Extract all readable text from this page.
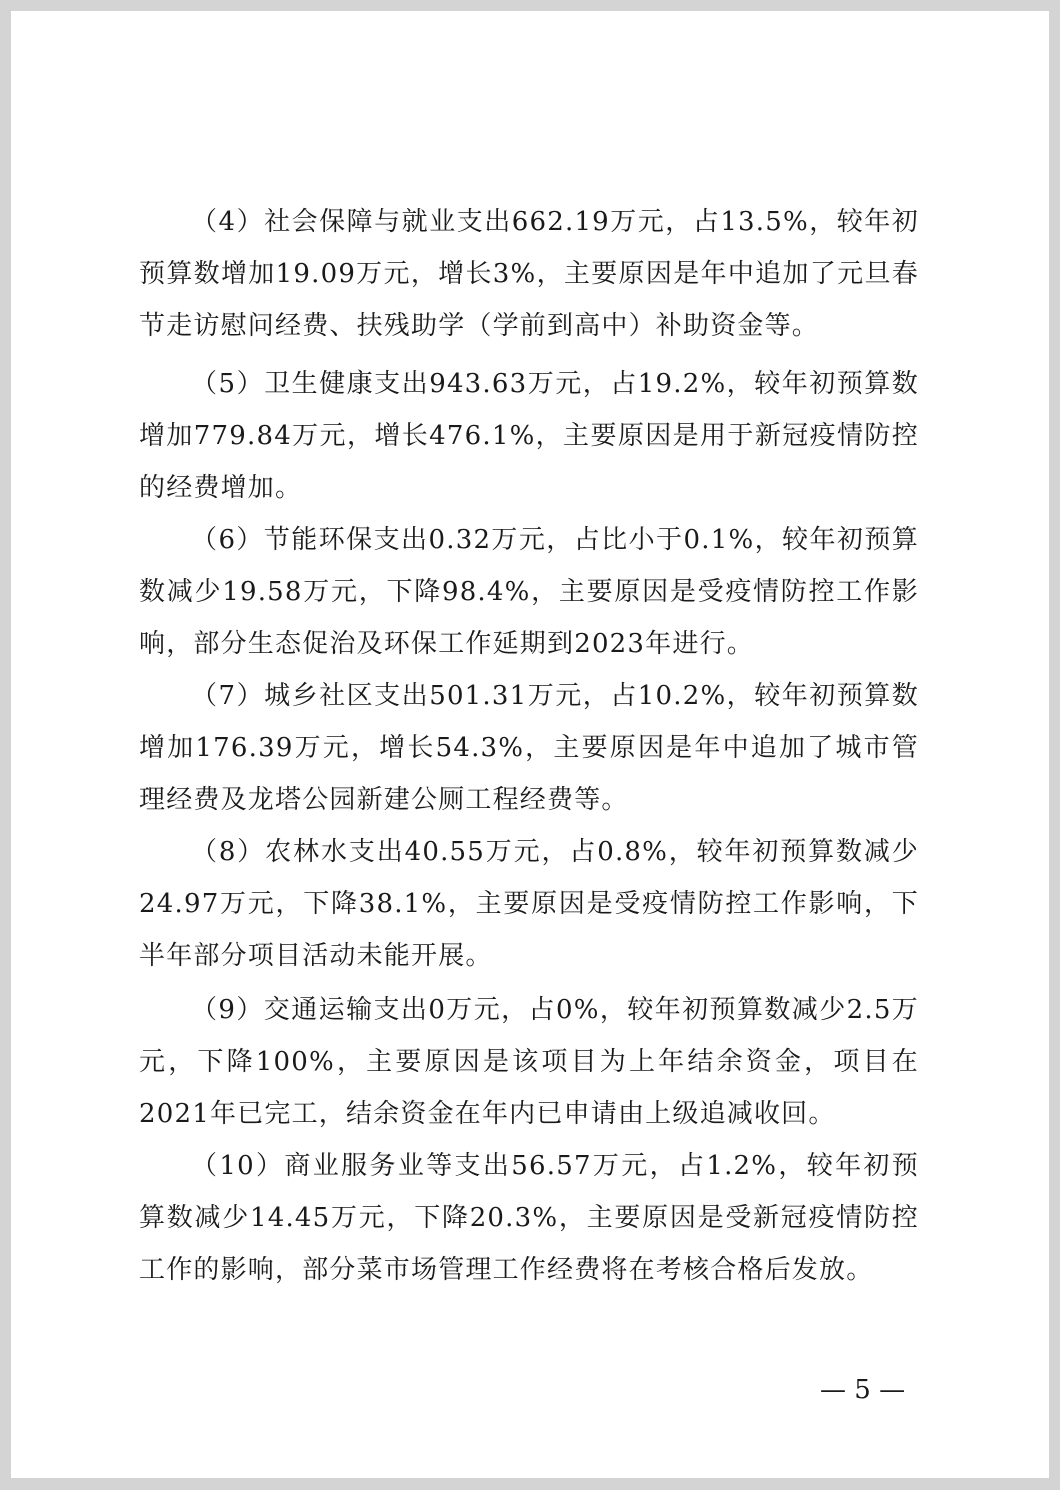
（4）社会保障与就业支出662.19万元，占13.5%，较年初预算数增加19.09万元，增长3%，主要原因是年中追加了元旦春节走访慰问经费、扶残助学（学前到高中）补助资金等。

（5）卫生健康支出943.63万元，占19.2%，较年初预算数增加779.84万元，增长476.1%，主要原因是用于新冠疫情防控的经费增加。

（6）节能环保支出0.32万元，占比小于0.1%，较年初预算数减少19.58万元，下降98.4%，主要原因是受疫情防控工作影响，部分生态促治及环保工作延期到2023年进行。

（7）城乡社区支出501.31万元，占10.2%，较年初预算数增加176.39万元，增长54.3%，主要原因是年中追加了城市管理经费及龙塔公园新建公厕工程经费等。

（8）农林水支出40.55万元，占0.8%，较年初预算数减少24.97万元，下降38.1%，主要原因是受疫情防控工作影响，下半年部分项目活动未能开展。

（9）交通运输支出0万元，占0%，较年初预算数减少2.5万元，下降100%，主要原因是该项目为上年结余资金，项目在2021年已完工，结余资金在年内已申请由上级追减收回。

（10）商业服务业等支出56.57万元，占1.2%，较年初预算数减少14.45万元，下降20.3%，主要原因是受新冠疫情防控工作的影响，部分菜市场管理工作经费将在考核合格后发放。

— 5 —
